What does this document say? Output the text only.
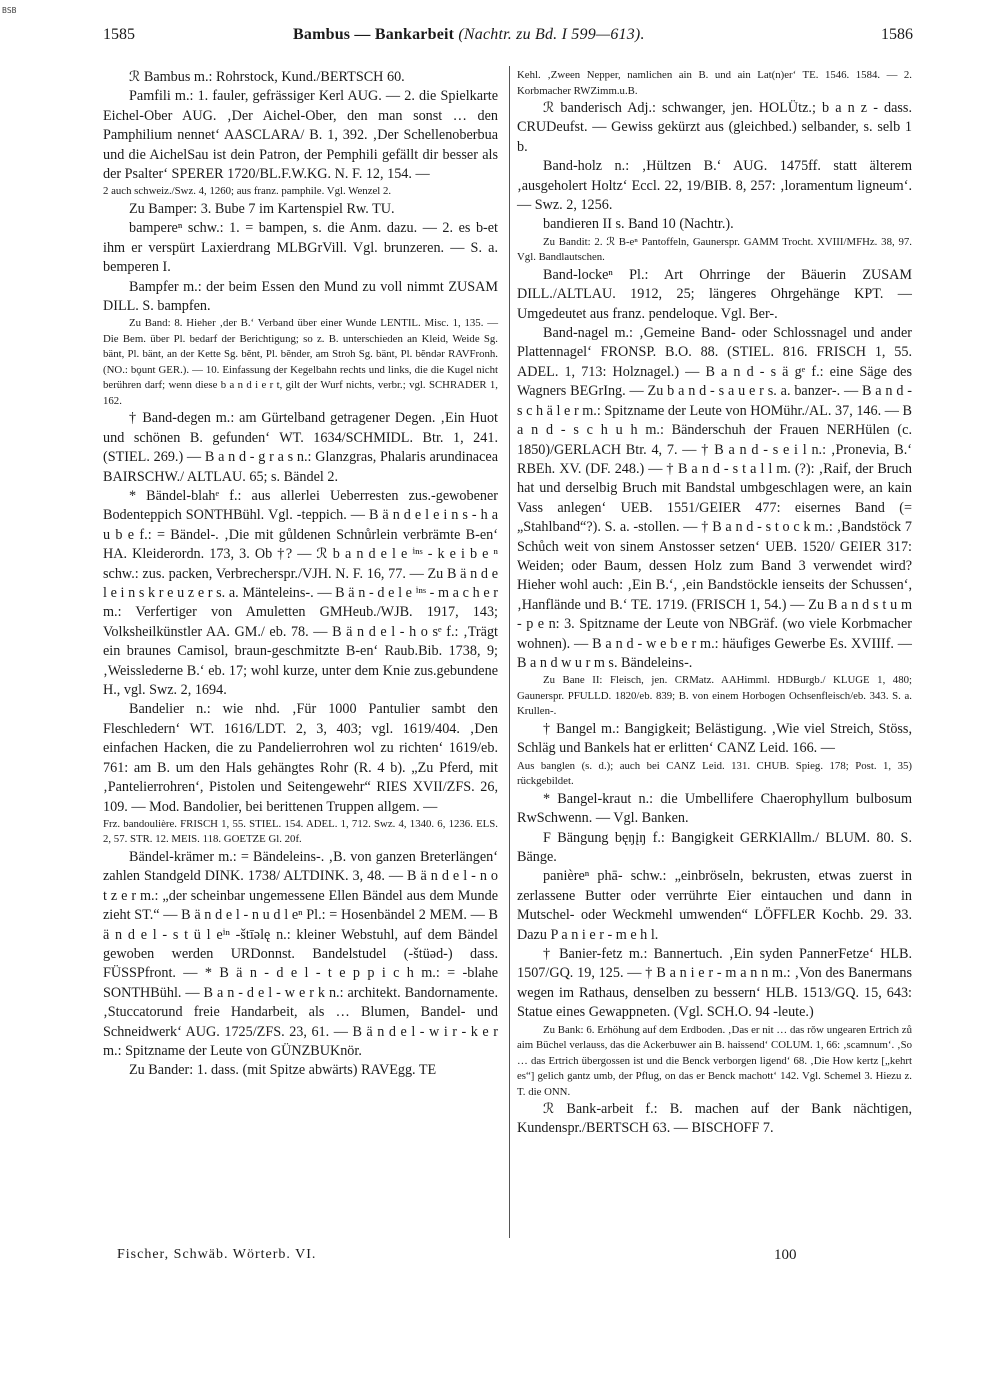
BSB
1585	Bambus — Bankarbeit (Nachtr. zu Bd. I 599—613).	1586

ℛ Bambus m.: Rohrstock, Kund./BERTSCH 60.

Pamfili m.: 1. fauler, gefrässiger Kerl AUG. — 2. die Spielkarte Eichel-Ober AUG. ‚Der Aichel-Ober, den man sonst … den Pamphilium nennet‘ AASCLARA/ B. 1, 392. ‚Der Schellenoberbua und die AichelSau ist dein Patron, der Pemphili gefällt dir besser als der Psalter‘ SPERER 1720/BL.F.W.KG. N. F. 12, 154. —

2 auch schweiz./Swz. 4, 1260; aus franz. pamphile. Vgl. Wenzel 2.

Zu Bamper: 3. Bube 7 im Kartenspiel Rw. TU.

bampereⁿ schw.: 1. = bampen, s. die Anm. dazu. — 2. es b-et ihm er verspürt Laxierdrang MLBGrVill. Vgl. brunzeren. — S. a. bemperen I.

Bampfer m.: der beim Essen den Mund zu voll nimmt ZUSAM DILL. S. bampfen.

Zu Band: 8. Hieher ‚der B.‘ Verband über einer Wunde LENTIL. Misc. 1, 135. — Die Bem. über Pl. bedarf der Berichtigung; so z. B. unterschieden an Kleid, Weide Sg. bänt, Pl. bänt, an der Kette Sg. bĕnt, Pl. bĕnder, am Stroh Sg. bänt, Pl. bĕndər RAVFronh. (NO.: bǫunt GER.). — 10. Einfassung der Kegelbahn rechts und links, die die Kugel nicht berühren darf; wenn diese b a n d i e r t, gilt der Wurf nichts, verbr.; vgl. SCHRADER 1, 162.

† Band-degen m.: am Gürtelband getragener Degen. ‚Ein Huot und schönen B. gefunden‘ WT. 1634/SCHMIDL. Btr. 1, 241. (STIEL. 269.) — B a n d - g r a s n.: Glanzgras, Phalaris arundinacea BAIRSCHW./ ALTLAU. 65; s. Bändel 2.

* Bändel-blahᵉ f.: aus allerlei Ueberresten zus.-gewobener Bodenteppich SONTHBühl. Vgl. -teppich. — B ä n d e l e i n s - h a u b e f.: = Bändel-. ‚Die mit gůldenen Schnůrlein verbrämte B-en‘ HA. Kleiderordn. 173, 3. Ob †? — ℛ b a n d e l e ⁱⁿˢ - k e i b e ⁿ schw.: zus. packen, Verbrecherspr./VJH. N. F. 16, 77. — Zu B ä n d e l e i n s k r e u z e r s. a. Mänteleins-. — B ä n - d e l e ⁱⁿˢ - m a c h e r m.: Verfertiger von Amuletten GMHeub./WJB. 1917, 143; Volksheilkünstler AA. GM./ eb. 78. — B ä n d e l - h o sᵉ f.: ‚Trägt ein braunes Camisol, braun-geschmitzte B-en‘ Raub.Bib. 1738, 9; ‚Weisslederne B.‘ eb. 17; wohl kurze, unter dem Knie zus.gebundene H., vgl. Swz. 2, 1694.

Bandelier n.: wie nhd. ‚Für 1000 Pantulier sambt den Fleschledern‘ WT. 1616/LDT. 2, 3, 403; vgl. 1619/404. ‚Den einfachen Hacken, die zu Pandelierrohren wol zu richten‘ 1619/eb. 761: am B. um den Hals gehängtes Rohr (R. 4 b). „Zu Pferd, mit ‚Pantelierrohren‘, Pistolen und Seitengewehr“ RIES XVII/ZFS. 26, 109. — Mod. Bandolier, bei berittenen Truppen allgem. —

Frz. bandoulière. FRISCH 1, 55. STIEL. 154. ADEL. 1, 712. Swz. 4, 1340. 6, 1236. ELS. 2, 57. STR. 12. MEIS. 118. GOETZE Gl. 20f.

Bändel-krämer m.: = Bändeleins-. ‚B. von ganzen Breterlängen‘ zahlen Standgeld DINK. 1738/ ALTDINK. 3, 48. — B ä n d e l - n o t z e r m.: „der scheinbar ungemessene Ellen Bändel aus dem Munde zieht ST.“ — B ä n d e l - n u d l eⁿ Pl.: = Hosenbändel 2 MEM. — B ä n d e l - s t ü l eⁱⁿ -štīəlę n.: kleiner Webstuhl, auf dem Bändel gewoben werden URDonnst. Bandelstudel (-štüəd-) dass. FÜSSPfront. — * B ä n - d e l - t e p p i c h m.: = -blahe SONTHBühl. — B a n - d e l - w e r k n.: architekt. Bandornamente. ‚Stuccatorund freie Handarbeit, als … Blumen, Bandel- und Schneidwerk‘ AUG. 1725/ZFS. 23, 61. — B ä n d e l - w i r - k e r m.: Spitzname der Leute von GÜNZBUKnör.

Zu Bander: 1. dass. (mit Spitze abwärts) RAVEgg. TE

Kehl. ‚Zween Nepper, namlichen ain B. und ain Lat(n)er‘ TE. 1546. 1584. — 2. Korbmacher RWZimm.u.B.

ℛ banderisch Adj.: schwanger, jen. HOLÜtz.; b a n z - dass. CRUDeufst. — Gewiss gekürzt aus (gleichbed.) selbander, s. selb 1 b.

Band-holz n.: ‚Hültzen B.‘ AUG. 1475ff. statt älterem ‚ausgeholert Holtz‘ Eccl. 22, 19/BIB. 8, 257: ‚loramentum ligneum‘. — Swz. 2, 1256.

bandieren II s. Band 10 (Nachtr.).

Zu Bandit: 2. ℛ B-eⁿ Pantoffeln, Gaunerspr. GAMM Trocht. XVIII/MFHz. 38, 97. Vgl. Bandlautschen.

Band-lockeⁿ Pl.: Art Ohrringe der Bäuerin ZUSAM DILL./ALTLAU. 1912, 25; längeres Ohrgehänge KPT. — Umgedeutet aus franz. pendeloque. Vgl. Ber-.

Band-nagel m.: ‚Gemeine Band- oder Schlossnagel und ander Plattennagel‘ FRONSP. B.O. 88. (STIEL. 816. FRISCH 1, 55. ADEL. 1, 713: Holznagel.) — B a n d - s ä gᵉ f.: eine Säge des Wagners BEGrIng. — Zu b a n d - s a u e r s. a. banzer-. — B a n d - s c h ä l e r m.: Spitzname der Leute von HOMühr./AL. 37, 146. — B a n d - s c h u h m.: Bänderschuh der Frauen NERHülen (c. 1850)/GERLACH Btr. 4, 7. — † B a n d - s e i l n.: ‚Pronevia, B.‘ RBEh. XV. (DF. 248.) — † B a n d - s t a l l m. (?): ‚Raif, der Bruch hat und derselbig Bruch mit Bandstal umbgeschlagen were, an kain Vass anlegen‘ UEB. 1551/GEIER 477: eisernes Band (= „Stahlband“?). S. a. -stollen. — † B a n d - s t o c k m.: ‚Bandstöck 7 Schůch weit von sinem Anstosser setzen‘ UEB. 1520/ GEIER 317: Weiden; oder Baum, dessen Holz zum Band 3 verwendet wird? Hieher wohl auch: ‚Ein B.‘, ‚ein Bandstöckle ienseits der Schussen‘, ‚Hanflände und B.‘ TE. 1719. (FRISCH 1, 54.) — Zu B a n d s t u m - p e n: 3. Spitzname der Leute von NBGräf. (wo viele Korbmacher wohnen). — B a n d - w e b e r m.: häufiges Gewerbe Es. XVIIIf. — B a n d w u r m s. Bändeleins-.

Zu Bane II: Fleisch, jen. CRMatz. AAHimml. HDBurgb./ KLUGE 1, 480; Gaunerspr. PFULLD. 1820/eb. 839; B. von einem Horbogen Ochsenfleisch/eb. 343. S. a. Krullen-.

† Bangel m.: Bangigkeit; Belästigung. ‚Wie viel Streich, Stöss, Schläg und Bankels hat er erlitten‘ CANZ Leid. 166. —

Aus banglen (s. d.); auch bei CANZ Leid. 131. CHUB. Spieg. 178; Post. 1, 35) rückgebildet.

* Bangel-kraut n.: die Umbellifere Chaerophyllum bulbosum RwSchwenn. — Vgl. Banken.

F Bängung bęŋįŋ f.: Bangigkeit GERKlAllm./ BLUM. 80. S. Bänge.

panièreⁿ phā- schw.: „einbröseln, bekrusten, etwas zuerst in zerlassene Butter oder verrührte Eier eintauchen und dann in Mutschel- oder Weckmehl umwenden“ LÖFFLER Kochb. 29. 33. Dazu P a n i e r - m e h l.

† Banier-fetz m.: Bannertuch. ‚Ein syden PannerFetze‘ HLB. 1507/GQ. 19, 125. — † B a n i e r - m a n n m.: ‚Von des Banermans wegen im Rathaus, denselben zu bessern‘ HLB. 1513/GQ. 15, 643: Statue eines Gewappneten. (Vgl. SCH.O. 94 -leute.)

Zu Bank: 6. Erhöhung auf dem Erdboden. ‚Das er nit … das rǒw ungearen Ertrich zů aim Büchel verlauss, das die Ackerbuwer ain B. haissend‘ COLUM. 1, 66: ‚scamnum‘. ‚So … das Ertrich übergossen ist und die Benck verborgen ligend‘ 68. ‚Die How kertz [„kehrt es“] gelich gantz umb, der Pflug, on das er Benck machott‘ 142. Vgl. Schemel 3. Hiezu z. T. die ONN.

ℛ Bank-arbeit f.: B. machen auf der Bank nächtigen, Kundenspr./BERTSCH 63. — BISCHOFF 7.

Fischer, Schwäb. Wörterb. VI.	100
